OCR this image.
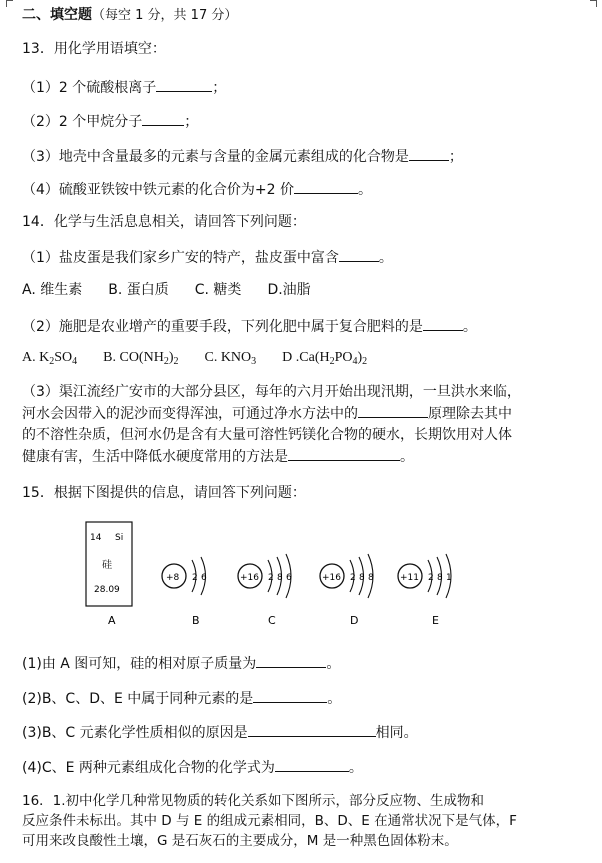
二、填空题（每空 1 分，共 17 分）
13．用化学用语填空：
（1）2 个硫酸根离子	；
（2）2 个甲烷分子	；
（3）地壳中含量最多的元素与含量的金属元素组成的化合物是	；
（4）硫酸亚铁铵中铁元素的化合价为+2 价	。
14．化学与生活息息相关，请回答下列问题：
（1）盐皮蛋是我们家乡广安的特产，盐皮蛋中富含	。
A. 维生素 B. 蛋白质 C. 糖类 D.油脂
（2）施肥是农业增产的重要手段，下列化肥中属于复合肥料的是	。
A. $K_2SO_4$ B. $CO(NH_2)_2$ C. $KNO_3$ D $.Ca(H_2PO_4)_2$
（3）渠江流经广安市的大部分县区，每年的六月开始出现汛期，一旦洪水来临，
河水会因带入的泥沙而变得浑浊，可通过净水方法中的	原理除去其中
的不溶性杂质，但河水仍是含有大量可溶性钙镁化合物的硬水，长期饮用对人体
健康有害，生活中降低水硬度常用的方法是	。
15．根据下图提供的信息，请回答下列问题：
14 Si
硅
28.09
A
+8 2 6
B
+16 2 8 6
C
+16 2 8 8
D
+11 2 8 1
E
(1)由 A 图可知，硅的相对原子质量为	。
(2)B、C、D、E 中属于同种元素的是	。
(3)B、C 元素化学性质相似的原因是	相同。
(4)C、E 两种元素组成化合物的化学式为	。
16．1.初中化学几种常见物质的转化关系如下图所示，部分反应物、生成物和
反应条件未标出。其中 D 与 E 的组成元素相同，B、D、E 在通常状况下是气体，F
可用来改良酸性土壤，G 是石灰石的主要成分，M 是一种黑色固体粉末。
